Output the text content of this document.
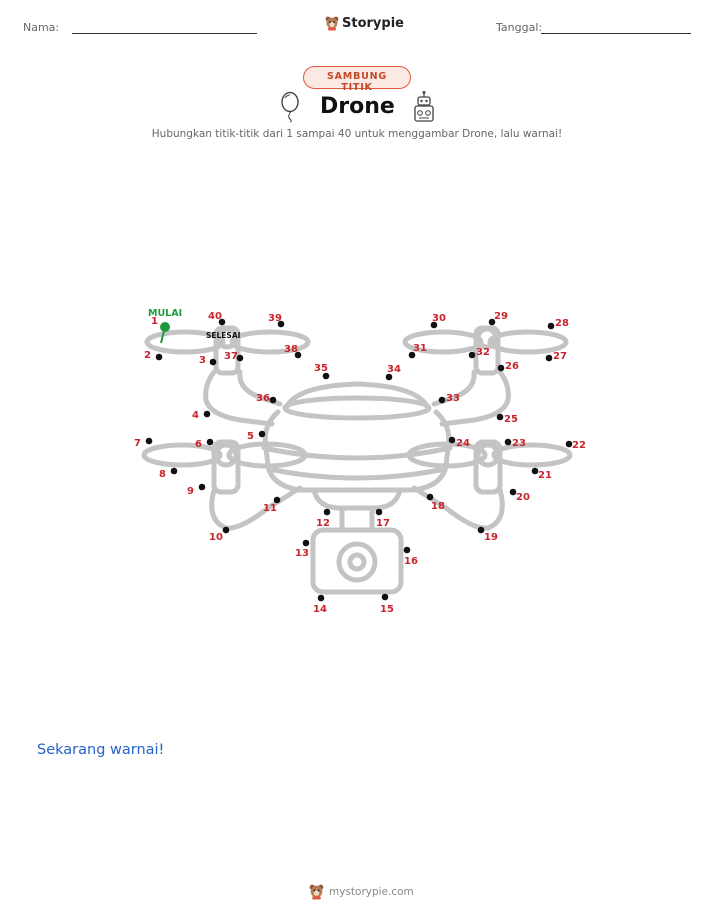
Nama:	Storypie	Tanggal:
SAMBUNG TITIK
Drone
Hubungkan titik-titik dari 1 sampai 40 untuk menggambar Drone, lalu warnai!
MULAI
SELESAI
1
2	3
4
5
6
7
8
9
10
11
12
13
14	15
16
17
18
19
20
21
22
23
24
25
26
27
28
29
30
31	32
33
34
35
36
37
38
39
40
Sekarang warnai!
mystorypie.com
